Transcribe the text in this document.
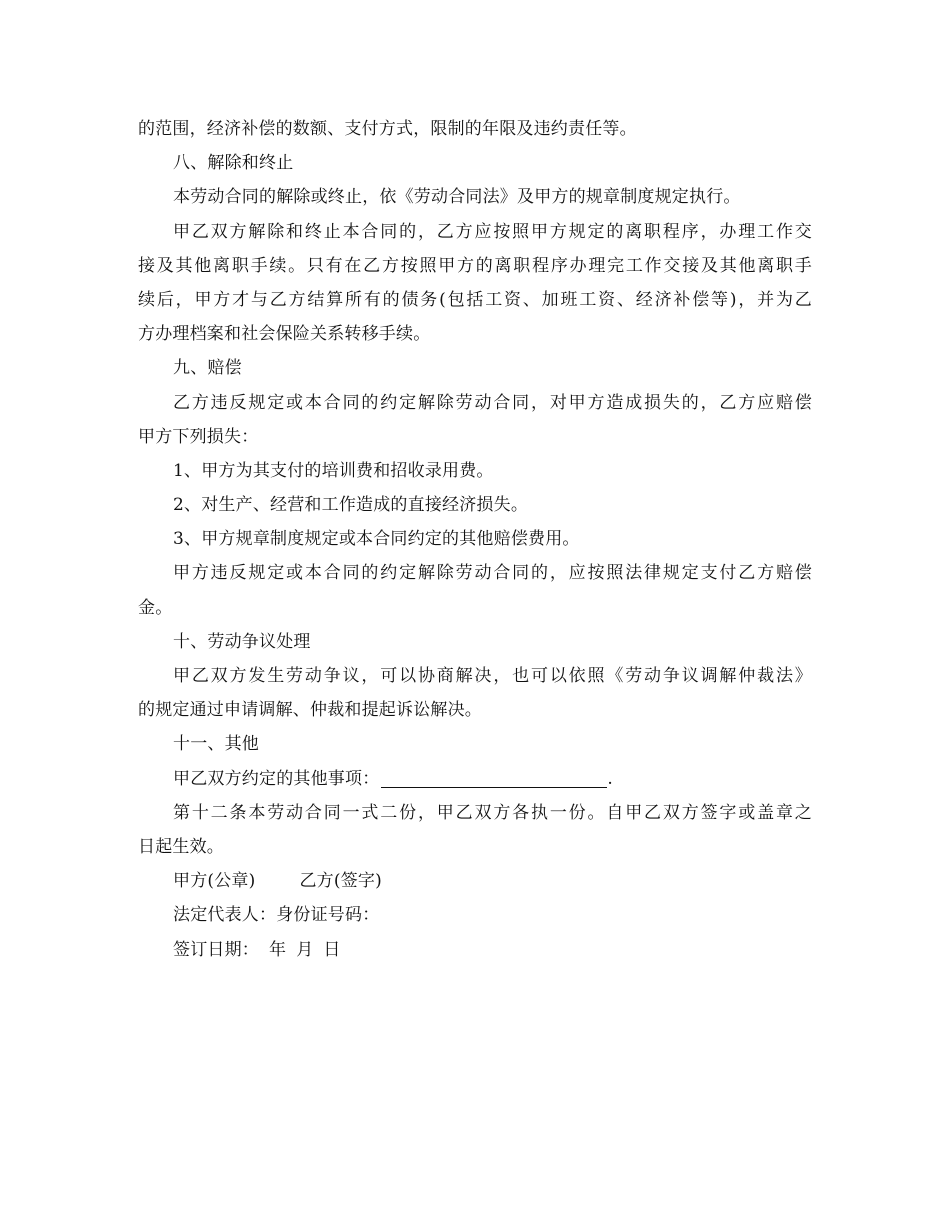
的范围，经济补偿的数额、支付方式，限制的年限及违约责任等。
八、解除和终止
本劳动合同的解除或终止，依《劳动合同法》及甲方的规章制度规定执行。
甲乙双方解除和终止本合同的，乙方应按照甲方规定的离职程序，办理工作交
接及其他离职手续。只有在乙方按照甲方的离职程序办理完工作交接及其他离职手
续后，甲方才与乙方结算所有的债务(包括工资、加班工资、经济补偿等)，并为乙
方办理档案和社会保险关系转移手续。
九、赔偿
乙方违反规定或本合同的约定解除劳动合同，对甲方造成损失的，乙方应赔偿
甲方下列损失：
1、甲方为其支付的培训费和招收录用费。
2、对生产、经营和工作造成的直接经济损失。
3、甲方规章制度规定或本合同约定的其他赔偿费用。
甲方违反规定或本合同的约定解除劳动合同的，应按照法律规定支付乙方赔偿
金。
十、劳动争议处理
甲乙双方发生劳动争议，可以协商解决，也可以依照《劳动争议调解仲裁法》
的规定通过申请调解、仲裁和提起诉讼解决。
十一、其他
甲乙双方约定的其他事项：	.
第十二条本劳动合同一式二份，甲乙双方各执一份。自甲乙双方签字或盖章之
日起生效。
甲方(公章)	乙方(签字)
法定代表人：身份证号码：
签订日期： 年 月 日
